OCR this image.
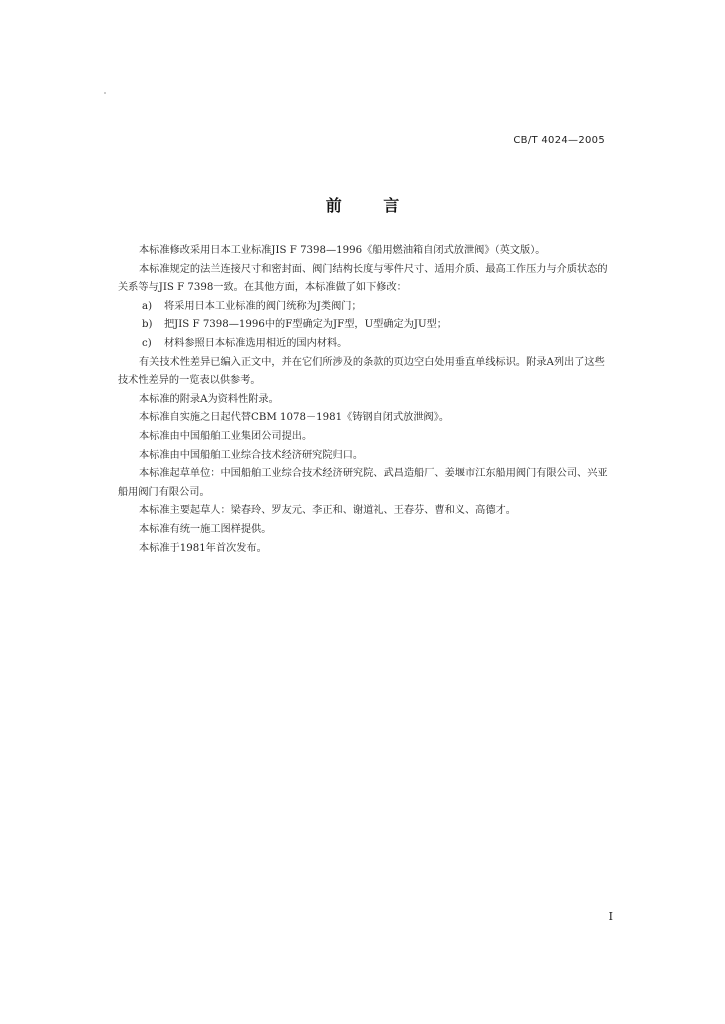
CB/T 4024—2005
前 言

本标准修改采用日本工业标准JIS F 7398—1996《船用燃油箱自闭式放泄阀》（英文版）。

本标准规定的法兰连接尺寸和密封面、阀门结构长度与零件尺寸、适用介质、最高工作压力与介质状态的关系等与JIS F 7398一致。在其他方面，本标准做了如下修改：

a) 将采用日本工业标准的阀门统称为J类阀门；

b) 把JIS F 7398—1996中的F型确定为JF型，U型确定为JU型；

c) 材料参照日本标准选用相近的国内材料。

有关技术性差异已编入正文中，并在它们所涉及的条款的页边空白处用垂直单线标识。附录A列出了这些技术性差异的一览表以供参考。

本标准的附录A为资料性附录。

本标准自实施之日起代替CBM 1078－1981《铸钢自闭式放泄阀》。

本标准由中国船舶工业集团公司提出。

本标准由中国船舶工业综合技术经济研究院归口。

本标准起草单位：中国船舶工业综合技术经济研究院、武昌造船厂、姜堰市江东船用阀门有限公司、兴亚船用阀门有限公司。

本标准主要起草人：梁春玲、罗友元、李正和、谢道礼、王春芬、曹和义、高德才。

本标准有统一施工图样提供。

本标准于1981年首次发布。

I
